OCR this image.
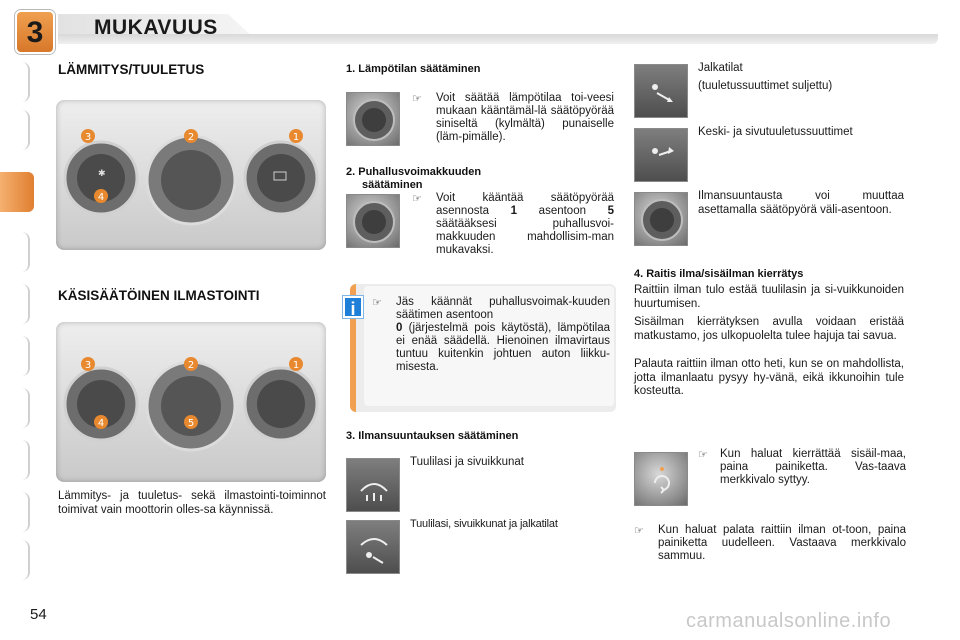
3	MUKAVUUS
LÄMMITYS/TUULETUS
✱
3	2	1
4
KÄSISÄÄTÖINEN ILMASTOINTI
3	2	1
4	5
Lämmitys- ja tuuletus- sekä ilmastointi-toiminnot toimivat vain moottorin olles-sa käynnissä.
1. Lämpötilan säätäminen
☞ Voit säätää lämpötilaa toi-veesi mukaan kääntämäl-lä säätöpyörää siniseltä (kylmältä) punaiselle (läm-pimälle).
2. Puhallusvoimakkuuden
säätäminen
☞ Voit kääntää säätöpyörää asennosta 1 asentoon 5 säätääksesi puhallusvoi-makkuuden mahdollisim-man mukavaksi.
i	☞ Jäs käännät puhallusvoimak-kuuden säätimen asentoon
0 (järjestelmä pois käytöstä), lämpötilaa ei enää säädellä. Hienoinen ilmavirtaus tuntuu kuitenkin johtuen auton liikku-misesta.
3. Ilmansuuntauksen säätäminen
Tuulilasi ja sivuikkunat
Tuulilasi, sivuikkunat ja jalkatilat
Jalkatilat
(tuuletussuuttimet suljettu)
Keski- ja sivutuuletussuuttimet
Ilmansuuntausta voi muuttaa asettamalla säätöpyörä väli-asentoon.
4. Raitis ilma/sisäilman kierrätys
Raittiin ilman tulo estää tuulilasin ja si-vuikkunoiden huurtumisen.
Sisäilman kierrätyksen avulla voidaan eristää matkustamo, jos ulkopuolelta tulee hajuja tai savua.
Palauta raittiin ilman otto heti, kun se on mahdollista, jotta ilmanlaatu pysyy hy-vänä, eikä ikkunoihin tule kosteutta.
☞ Kun haluat kierrättää sisäil-maa, paina painiketta. Vas-taava merkkivalo syttyy.
☞ Kun haluat palata raittiin ilman ot-toon, paina painiketta uudelleen. Vastaava merkkivalo sammuu.
54	carmanualsonline.info
